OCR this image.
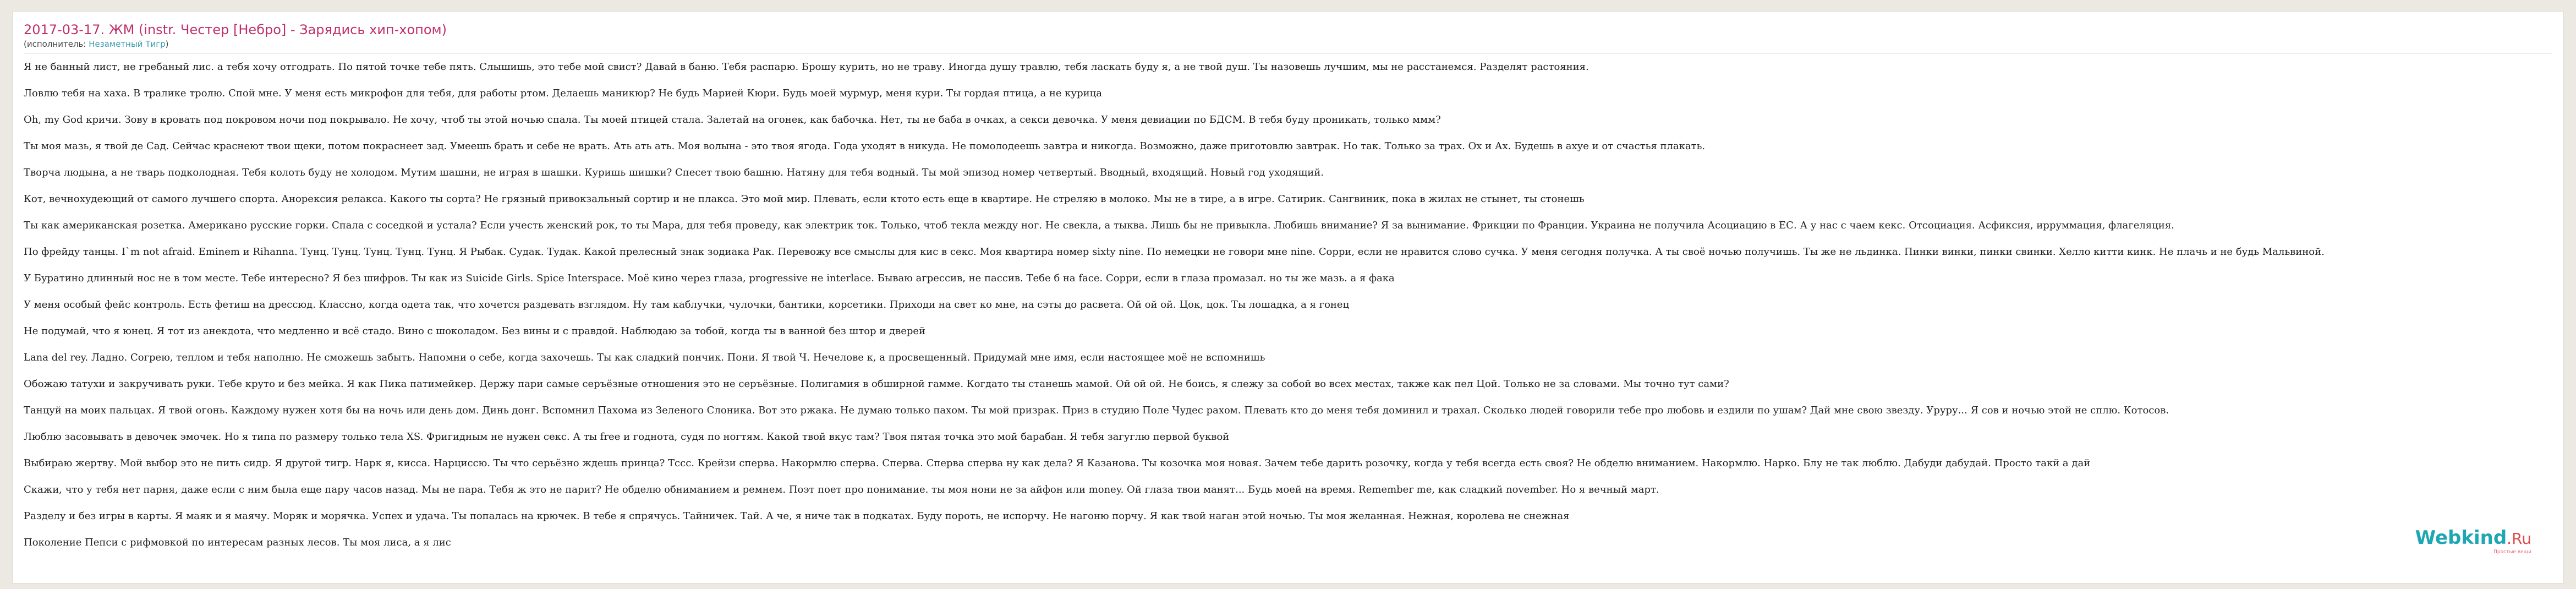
2017-03-17. ЖМ (instr. Честер [Небро] - Зарядись хип-хопом)
(исполнитель: Незаметный Тигр)
Я не банный лист, не гребаный лис. а тебя хочу отгодрать. По пятой точке тебе пять. Слышишь, это тебе мой свист? Давай в баню. Тебя распарю. Брошу курить, но не траву. Иногда душу травлю, тебя ласкать буду я, а не твой душ. Ты назовешь лучшим, мы не расстанемся. Разделят растояния.
Ловлю тебя на хаха. В тралике тролю. Спой мне. У меня есть микрофон для тебя, для работы ртом. Делаешь маникюр? Не будь Марией Кюри. Будь моей мурмур, меня кури. Ты гордая птица, а не курица
Oh, my God кричи. Зову в кровать под покровом ночи под покрывало. Не хочу, чтоб ты этой ночью спала. Ты моей птицей стала. Залетай на огонек, как бабочка. Нет, ты не баба в очках, а секси девочка. У меня девиации по БДСМ. В тебя буду проникать, только ммм?
Ты моя мазь, я твой де Сад. Сейчас краснеют твои щеки, потом покраснеет зад. Умеешь брать и себе не врать. Ать ать ать. Моя волына - это твоя ягода. Года уходят в никуда. Не помолодеешь завтра и никогда. Возможно, даже приготовлю завтрак. Но так. Только за трах. Ох и Ах. Будешь в ахуе и от счастья плакать.
Творча людына, а не тварь подколодная. Тебя колоть буду не холодом. Мутим шашни, не играя в шашки. Куришь шишки? Спесет твою башню. Натяну для тебя водный. Ты мой эпизод номер четвертый. Вводный, входящий. Новый год уходящий.
Кот, вечнохудеющий от самого лучшего спорта. Анорексия релакса. Какого ты сорта? Не грязный привокзальный сортир и не плакса. Это мой мир. Плевать, если ктото есть еще в квартире. Не стреляю в молоко. Мы не в тире, а в игре. Сатирик. Сангвиник, пока в жилах не стынет, ты стонешь
Ты как американская розетка. Американо русские горки. Спала с соседкой и устала? Если учесть женский рок, то ты Мара, для тебя проведу, как электрик ток. Только, чтоб текла между ног. Не свекла, а тыква. Лишь бы не привыкла. Любишь внимание? Я за вынимание. Фрикции по Франции. Украина не получила Асоциацию в ЕС. А у нас с чаем кекс. Отсоциация. Асфиксия, ирруммация, флагеляция.
По фрейду танцы. I`m not afraid. Eminem и Rihanna. Тунц. Тунц. Тунц. Тунц. Тунц. Я Рыбак. Судак. Тудак. Какой прелесный знак зодиака Рак. Перевожу все смыслы для кис в секс. Моя квартира номер sixty nine. По немецки не говори мне nine. Сорри, если не нравится слово сучка. У меня сегодня получка. А ты своё ночью получишь. Ты же не льдинка. Пинки винки, пинки свинки. Хелло китти кинк. Не плачь и не будь Мальвиной.
У Буратино длинный нос не в том месте. Тебе интересно? Я без шифров. Ты как из Suicide Girls. Spice Interspace. Моё кино через глаза, progressive не interlace. Бываю агрессив, не пассив. Тебе б на face. Сорри, если в глаза промазал. но ты же мазь. а я фака
У меня особый фейс контроль. Есть фетиш на дрессюд. Классно, когда одета так, что хочется раздевать взглядом. Ну там каблучки, чулочки, бантики, корсетики. Приходи на свет ко мне, на сэты до расвета. Ой ой ой. Цок, цок. Ты лошадка, а я гонец
Не подумай, что я юнец. Я тот из анекдота, что медленно и всё стадо. Вино с шоколадом. Без вины и с правдой. Наблюдаю за тобой, когда ты в ванной без штор и дверей
Lana del rey. Ладно. Согрею, теплом и тебя наполню. Не сможешь забыть. Напомни о себе, когда захочешь. Ты как сладкий пончик. Пони. Я твой Ч. Нечелове к, а просвещенный. Придумай мне имя, если настоящее моё не вспомнишь
Обожаю татухи и закручивать руки. Тебе круто и без мейка. Я как Пика патимейкер. Держу пари самые серъёзные отношения это не серъёзные. Полигамия в обширной гамме. Когдато ты станешь мамой. Ой ой ой. Не боись, я слежу за собой во всех местах, также как пел Цой. Только не за словами. Мы точно тут сами?
Танцуй на моих пальцах. Я твой огонь. Каждому нужен хотя бы на ночь или день дом. Динь донг. Вспомнил Пахома из Зеленого Слоника. Вот это ржака. Не думаю только пахом. Ты мой призрак. Приз в студию Поле Чудес рахом. Плевать кто до меня тебя доминил и трахал. Сколько людей говорили тебе про любовь и ездили по ушам? Дай мне свою звезду. Уруру... Я сов и ночью этой не сплю. Котосов.
Люблю засовывать в девочек эмочек. Но я типа по размеру только тела XS. Фригидным не нужен секс. А ты free и годнота, судя по ногтям. Какой твой вкус там? Твоя пятая точка это мой барабан. Я тебя загуглю первой буквой
Выбираю жертву. Мой выбор это не пить сидр. Я другой тигр. Нарк я, кисса. Нарциссю. Ты что серьёзно ждешь принца? Тссс. Крейзи сперва. Накормлю сперва. Сперва. Сперва сперва ну как дела? Я Казанова. Ты козочка моя новая. Зачем тебе дарить розочку, когда у тебя всегда есть своя? Не обделю вниманием. Накормлю. Нарко. Блу не так люблю. Дабуди дабудай. Просто такй а дай
Скажи, что у тебя нет парня, даже если с ним была еще пару часов назад. Мы не пара. Тебя ж это не парит? Не обделю обниманием и ремнем. Поэт поет про понимание. ты моя нони не за айфон или money. Ой глаза твои манят... Будь моей на время. Remember me, как сладкий november. Но я вечный март.
Разделу и без игры в карты. Я маяк и я маячу. Моряк и морячка. Успех и удача. Ты попалась на крючек. В тебе я спрячусь. Тайничек. Тай. А че, я ниче так в подкатах. Буду пороть, не испорчу. Не нагоню порчу. Я как твой наган этой ночью. Ты моя желанная. Нежная, королева не снежная
Поколение Пепси с рифмовкой по интересам разных лесов. Ты моя лиса, а я лис	Webkind.Ru
Простые вещи
